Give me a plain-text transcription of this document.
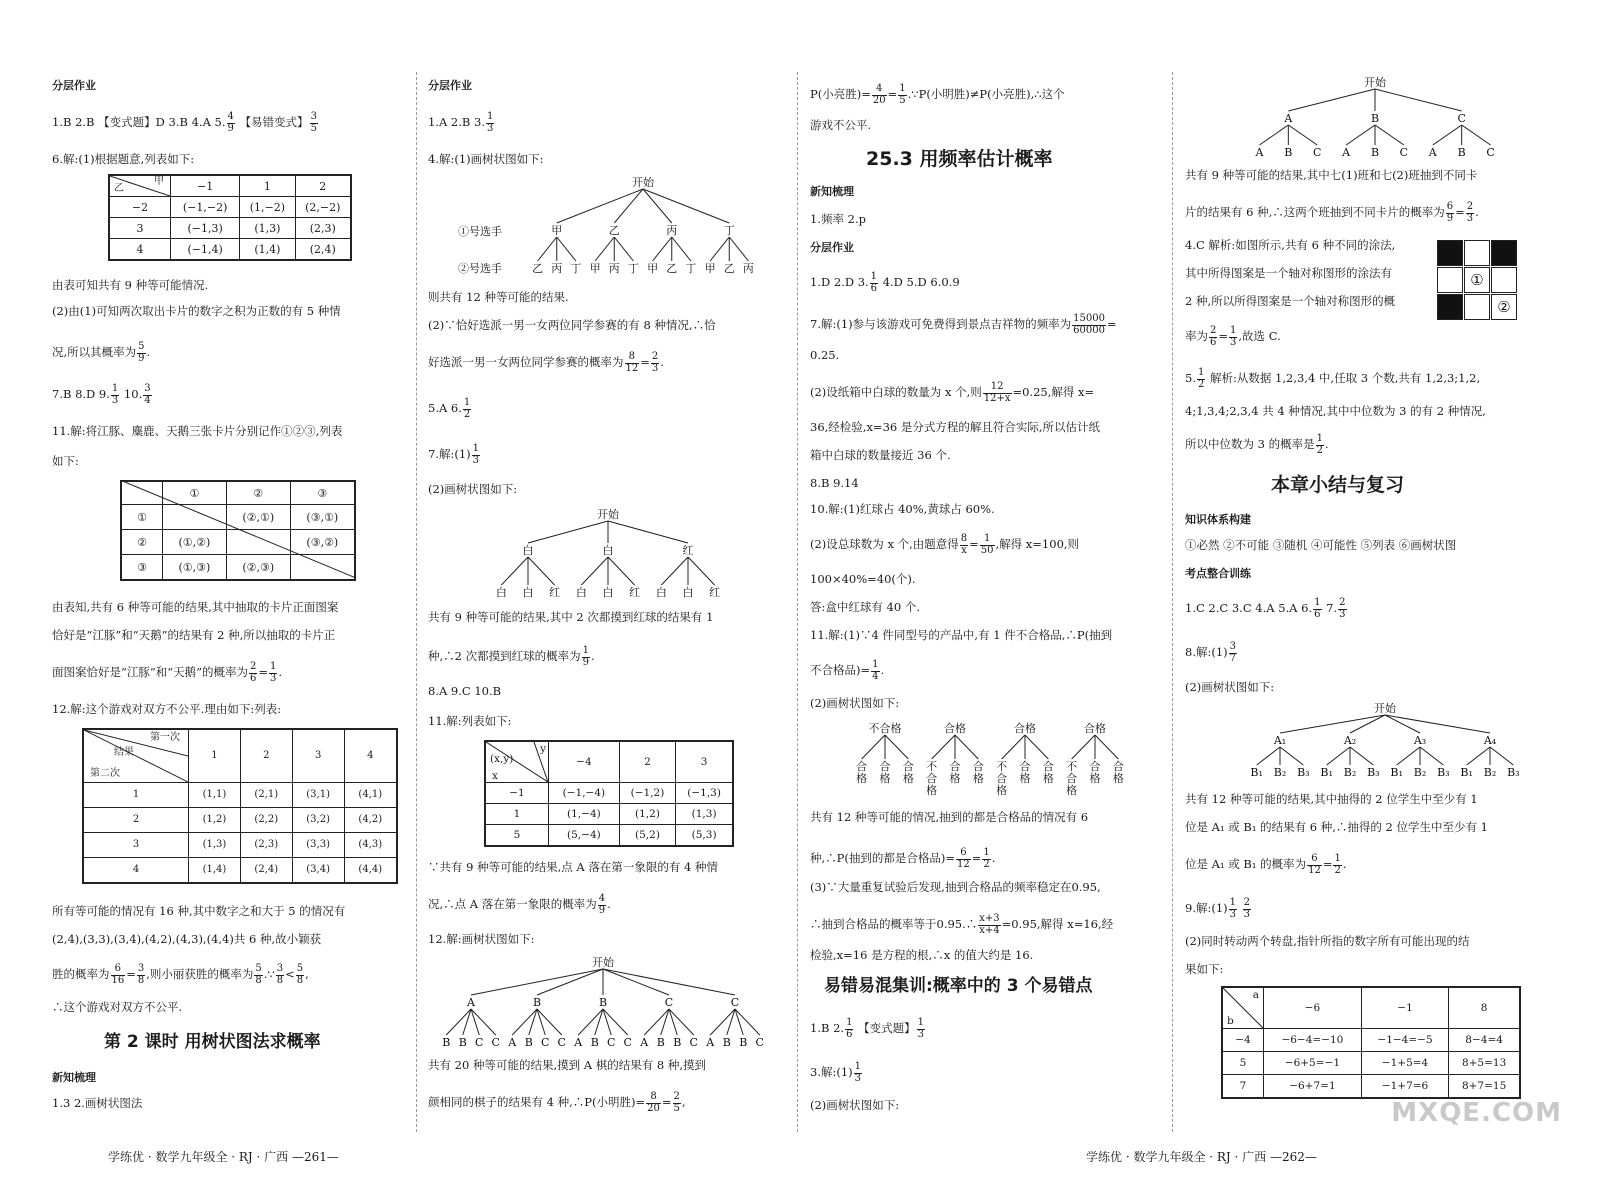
分层作业

1.B 2.B 【变式题】D 3.B 4.A 5. $\frac{4}{9}$ 【易错变式】 $\frac{3}{5}$

6.解:(1)根据题意,列表如下:

乙
甲	−1	1	2
−2	(−1,−2)	(1,−2)	(2,−2)
3	(−1,3)	(1,3)	(2,3)
4	(−1,4)	(1,4)	(2,4)

由表可知共有 9 种等可能情况.

(2)由(1)可知两次取出卡片的数字之积为正数的有 5 种情

况,所以其概率为 $\frac{5}{9}$ .

7.B 8.D 9. $\frac{1}{3} 10$. $\frac{3}{4}$

11.解:将江豚、麋鹿、天鹅三张卡片分别记作①②③,列表

如下:

	①	②	③
①		(②,①)	(③,①)
②	(①,②)		(③,②)
③	(①,③)	(②,③)	

由表知,共有 6 种等可能的结果,其中抽取的卡片正面图案

恰好是“江豚”和“天鹅”的结果有 2 种,所以抽取的卡片正

面图案恰好是“江豚”和“天鹅”的概率为 $\frac{2}{6} = \frac{1}{3}$ .

12.解:这个游戏对双方不公平.理由如下:列表:

第一次
结果
第二次	1	2	3	4
1	(1,1)	(2,1)	(3,1)	(4,1)
2	(1,2)	(2,2)	(3,2)	(4,2)
3	(1,3)	(2,3)	(3,3)	(4,3)
4	(1,4)	(2,4)	(3,4)	(4,4)

所有等可能的情况有 16 种,其中数字之和大于 5 的情况有

(2,4),(3,3),(3,4),(4,2),(4,3),(4,4)共 6 种,故小颖获

胜的概率为 $\frac{6}{16} = \frac{3}{8}$ ,则小丽获胜的概率为 $\frac{5}{8}$ .∵ $\frac{3}{8} < \frac{5}{8}$ ,

∴这个游戏对双方不公平.

第 2 课时 用树状图法求概率

新知梳理

1.3 2.画树状图法

分层作业

1.A 2.B 3. $\frac{1}{3}$

4.解:(1)画树状图如下:

①号选手
②号选手
开始
甲
乙 丙 丁
乙
甲 丙 丁
丙
甲 乙 丁
丁
甲 乙 丙

则共有 12 种等可能的结果.

(2)∵恰好选派一男一女两位同学参赛的有 8 种情况,∴恰

好选派一男一女两位同学参赛的概率为 $\frac{8}{12} = \frac{2}{3}$ .

5.A 6. $\frac{1}{2}$

7.解:(1) $\frac{1}{3}$

(2)画树状图如下:

开始
白
白 白 红
白
白 白 红
红
白 白 红

共有 9 种等可能的结果,其中 2 次都摸到红球的结果有 1

种,∴2 次都摸到红球的概率为 $\frac{1}{9}$ .

8.A 9.C 10.B

11.解:列表如下:

y
(x,y)
x	−4	2	3
−1	(−1,−4)	(−1,2)	(−1,3)
1	(1,−4)	(1,2)	(1,3)
5	(5,−4)	(5,2)	(5,3)

∵共有 9 种等可能的结果,点 A 落在第一象限的有 4 种情

况,∴点 A 落在第一象限的概率为 $\frac{4}{9}$ .

12.解:画树状图如下:

开始
A
B B C C
B
A B C C
B
A B C C
C
A B B C
C
A B B C

共有 20 种等可能的结果,摸到 A 棋的结果有 8 种,摸到

颜相同的棋子的结果有 4 种,∴P(小明胜)= $\frac{8}{20} = \frac{2}{5}$ ,

P(小亮胜)= $\frac{4}{20} = \frac{1}{5}$ .∵P(小明胜)≠P(小亮胜),∴这个

游戏不公平.

25.3 用频率估计概率

新知梳理

1.频率 2.p

分层作业

1.D 2.D 3. $\frac{1}{6} 4.D$ 5.D 6.0.9

7.解:(1)参与该游戏可免费得到景点吉祥物的频率为 $\frac{15000}{60000}$ =

0.25.

(2)设纸箱中白球的数量为 x 个,则 $\frac{12}{12+x} =0.25$,解得 x=

36,经检验,x=36 是分式方程的解且符合实际,所以估计纸

箱中白球的数量接近 36 个.

8.B 9.14

10.解:(1)红球占 40%,黄球占 60%.

(2)设总球数为 x 个,由题意得 $\frac{8}{x} = \frac{1}{50}$ ,解得 x=100,则

100×40%=40(个).

答:盒中红球有 40 个.

11.解:(1)∵4 件同型号的产品中,有 1 件不合格品,∴P(抽到

不合格品)= $\frac{1}{4}$ .

(2)画树状图如下:

不合格
合
格
合
格
合
格
合格
不
合
格
合
格
合
格
合格
不
合
格
合
格
合
格
合格
不
合
格
合
格
合
格

共有 12 种等可能的情况,抽到的都是合格品的情况有 6

种,∴P(抽到的都是合格品)= $\frac{6}{12} = \frac{1}{2}$ .

(3)∵大量重复试验后发现,抽到合格品的频率稳定在0.95,

∴抽到合格品的概率等于0.95.∴ $\frac{x+3}{x+4} =0.95$,解得 x=16,经

检验,x=16 是方程的根,∴x 的值大约是 16.

易错易混集训:概率中的 3 个易错点

1.B 2. $\frac{1}{6}$ 【变式题】 $\frac{1}{3}$

3.解:(1) $\frac{1}{3}$

(2)画树状图如下:

开始
A
A B C
B
A B C
C
A B C

共有 9 种等可能的结果,其中七(1)班和七(2)班抽到不同卡

片的结果有 6 种,∴这两个班抽到不同卡片的概率为 $\frac{6}{9} = \frac{2}{3}$ .

4.C 解析:如图所示,共有 6 种不同的涂法,

其中所得图案是一个轴对称图形的涂法有

2 种,所以所得图案是一个轴对称图形的概

率为 $\frac{2}{6} = \frac{1}{3}$ ,故选 C.

①
②

5. $\frac{1}{2}$ 解析:从数据 1,2,3,4 中,任取 3 个数,共有 1,2,3;1,2,

4;1,3,4;2,3,4 共 4 种情况,其中中位数为 3 的有 2 种情况,

所以中位数为 3 的概率是 $\frac{1}{2}$ .

本章小结与复习

知识体系构建

①必然 ②不可能 ③随机 ④可能性 ⑤列表 ⑥画树状图

考点整合训练

1.C 2.C 3.C 4.A 5.A 6. $\frac{1}{6} 7$. $\frac{2}{3}$

8.解:(1) $\frac{3}{7}$

(2)画树状图如下:

开始
A₁
B₁ B₂ B₃
A₂
B₁ B₂ B₃
A₃
B₁ B₂ B₃
A₄
B₁ B₂ B₃

共有 12 种等可能的结果,其中抽得的 2 位学生中至少有 1

位是 A₁ 或 B₁ 的结果有 6 种,∴抽得的 2 位学生中至少有 1

位是 A₁ 或 B₁ 的概率为 $\frac{6}{12} = \frac{1}{2}$ .

9.解:(1) $\frac{1}{3}$
$\frac{2}{3}$

(2)同时转动两个转盘,指针所指的数字所有可能出现的结

果如下:

a
b	−6	−1	8
−4	−6−4=−10	−1−4=−5	8−4=4
5	−6+5=−1	−1+5=4	8+5=13
7	−6+7=1	−1+7=6	8+7=15
学练优 · 数学九年级全 · RJ · 广西 —261—	学练优 · 数学九年级全 · RJ · 广西 —262—
MXQE.COM
